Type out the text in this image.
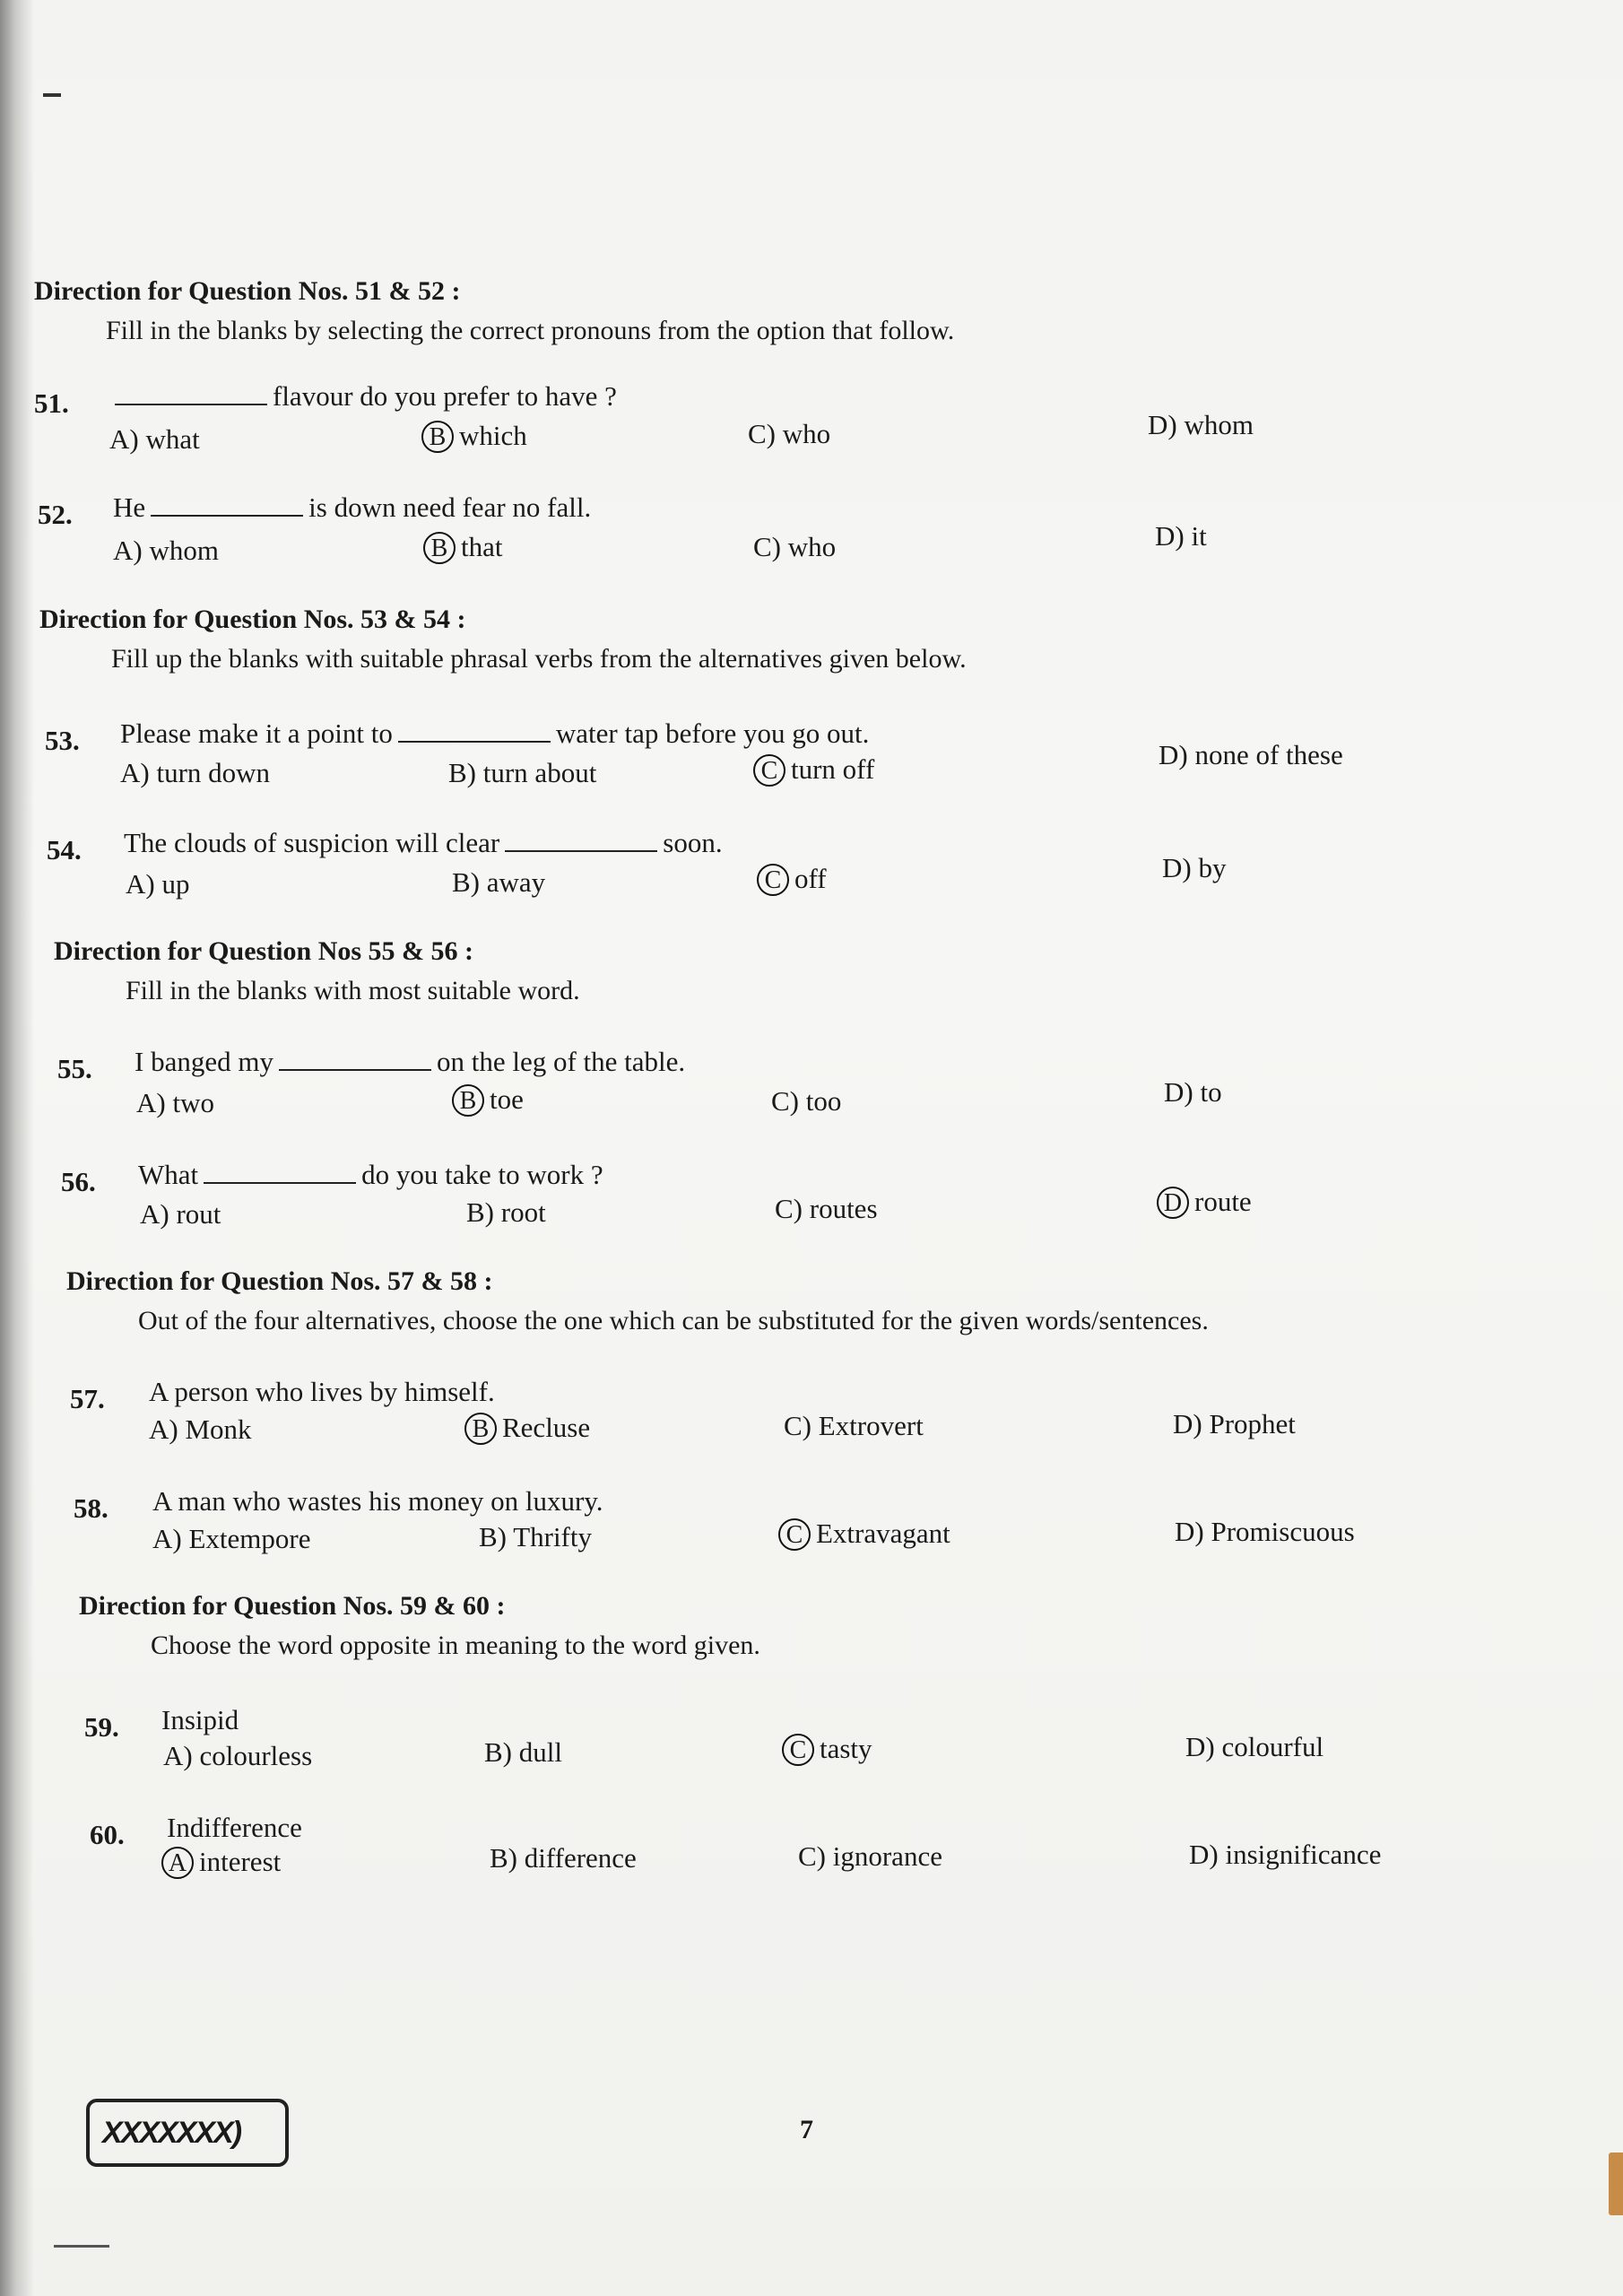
Direction for Question Nos. 51 & 52 :
Fill in the blanks by selecting the correct pronouns from the option that follow.
51.	flavour do you prefer to have ?
A) what	B which	C) who	D) whom
52. He	is down need fear no fall.
A) whom	B that	C) who	D) it
Direction for Question Nos. 53 & 54 :
Fill up the blanks with suitable phrasal verbs from the alternatives given below.
53. Please make it a point to	water tap before you go out.
A) turn down	B) turn about	C turn off	D) none of these
54. The clouds of suspicion will clear	soon.
A) up	B) away	C off	D) by
Direction for Question Nos 55 & 56 :
Fill in the blanks with most suitable word.
55. I banged my	on the leg of the table.
A) two	B toe	C) too	D) to
56. What	do you take to work ?
A) rout	B) root	C) routes	D route
Direction for Question Nos. 57 & 58 :
Out of the four alternatives, choose the one which can be substituted for the given words/sentences.
57. A person who lives by himself.
A) Monk	B Recluse	C) Extrovert	D) Prophet
58. A man who wastes his money on luxury.
A) Extempore	B) Thrifty	C Extravagant	D) Promiscuous
Direction for Question Nos. 59 & 60 :
Choose the word opposite in meaning to the word given.
59. Insipid
A) colourless	B) dull	C tasty	D) colourful
60. Indifference
A interest	B) difference	C) ignorance	D) insignificance
XXXXXXX)	7
